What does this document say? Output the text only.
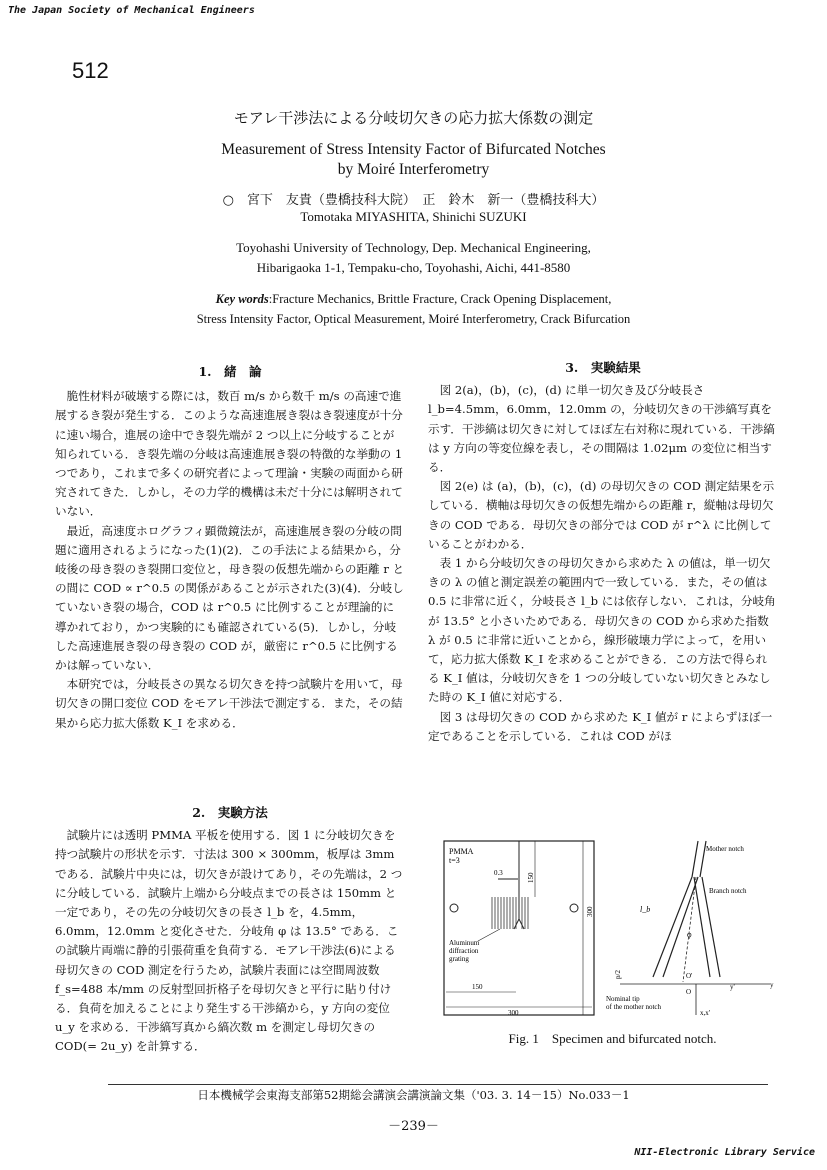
The Japan Society of Mechanical Engineers
512
モアレ干渉法による分岐切欠きの応力拡大係数の測定
Measurement of Stress Intensity Factor of Bifurcated Notches
by Moiré Interferometry
○　宮下　友貴（豊橋技科大院）　正　鈴木　新一（豊橋技科大）
Tomotaka MIYASHITA, Shinichi SUZUKI
Toyohashi University of Technology, Dep. Mechanical Engineering,
Hibarigaoka 1-1, Tempaku-cho, Toyohashi, Aichi, 441-8580
Key words:Fracture Mechanics, Brittle Fracture, Crack Opening Displacement,
Stress Intensity Factor, Optical Measurement, Moiré Interferometry, Crack Bifurcation
1.　緒　論

脆性材料が破壊する際には，数百 m/s から数千 m/s の高速で進展するき裂が発生する．このような高速進展き裂はき裂速度が十分に速い場合，進展の途中でき裂先端が 2 つ以上に分岐することが知られている．き裂先端の分岐は高速進展き裂の特徴的な挙動の 1 つであり，これまで多くの研究者によって理論・実験の両面から研究されてきた．しかし，その力学的機構は未だ十分には解明されていない．

最近，高速度ホログラフィ顕微鏡法が，高速進展き裂の分岐の問題に適用されるようになった(1)(2)．この手法による結果から，分岐後の母き裂のき裂開口変位と，母き裂の仮想先端からの距離 r との間に COD ∝ r^0.5 の関係があることが示された(3)(4)．分岐していないき裂の場合，COD は r^0.5 に比例することが理論的に導かれており，かつ実験的にも確認されている(5)．しかし，分岐した高速進展き裂の母き裂の COD が，厳密に r^0.5 に比例するかは解っていない．

本研究では，分岐長さの異なる切欠きを持つ試験片を用いて，母切欠きの開口変位 COD をモアレ干渉法で測定する．また，その結果から応力拡大係数 K_I を求める．

2.　実験方法

試験片には透明 PMMA 平板を使用する．図 1 に分岐切欠きを持つ試験片の形状を示す．寸法は 300 × 300mm，板厚は 3mm である．試験片中央には，切欠きが設けてあり，その先端は，2 つに分岐している．試験片上端から分岐点までの長さは 150mm と一定であり，その先の分岐切欠きの長さ l_b を，4.5mm，6.0mm，12.0mm と変化させた．分岐角 φ は 13.5° である．この試験片両端に静的引張荷重を負荷する．モアレ干渉法(6)による母切欠きの COD 測定を行うため，試験片表面には空間周波数 f_s=488 本/mm の反射型回折格子を母切欠きと平行に貼り付ける．負荷を加えることにより発生する干渉縞から，y 方向の変位 u_y を求める．干渉縞写真から縞次数 m を測定し母切欠きの COD(= 2u_y) を計算する．

3.　実験結果

図 2(a)，(b)，(c)，(d) に単一切欠き及び分岐長さ l_b=4.5mm，6.0mm，12.0mm の，分岐切欠きの干渉縞写真を示す．干渉縞は切欠きに対してほぼ左右対称に現れている．干渉縞は y 方向の等変位線を表し，その間隔は 1.02μm の変位に相当する．

図 2(e) は (a)，(b)，(c)，(d) の母切欠きの COD 測定結果を示している．横軸は母切欠きの仮想先端からの距離 r，縦軸は母切欠きの COD である．母切欠きの部分では COD が r^λ に比例していることがわかる．

表 1 から分岐切欠きの母切欠きから求めた λ の値は，単一切欠きの λ の値と測定誤差の範囲内で一致している．また，その値は 0.5 に非常に近く，分岐長さ l_b には依存しない．これは，分岐角が 13.5° と小さいためである．母切欠きの COD から求めた指数 λ が 0.5 に非常に近いことから，線形破壊力学によって，を用いて，応力拡大係数 K_I を求めることができる．この方法で得られる K_I 値は，分岐切欠きを 1 つの分岐していない切欠きとみなした時の K_I 値に対応する．

図 3 は母切欠きの COD から求めた K_I 値が r によらずほぼ一定であることを示している．これは COD がほ

PMMA
t=3
0.3	150
300
150
300
Aluminum
diffraction
grating
Mother notch
Branch notch
l_b
φ
p/2	O'
O
y'	y
x,x'
Nominal tip
of the mother notch
Fig. 1　Specimen and bifurcated notch.
日本機械学会東海支部第52期総会講演会講演論文集（'03. 3. 14－15）No.033－1
－239－
NII-Electronic Library Service
